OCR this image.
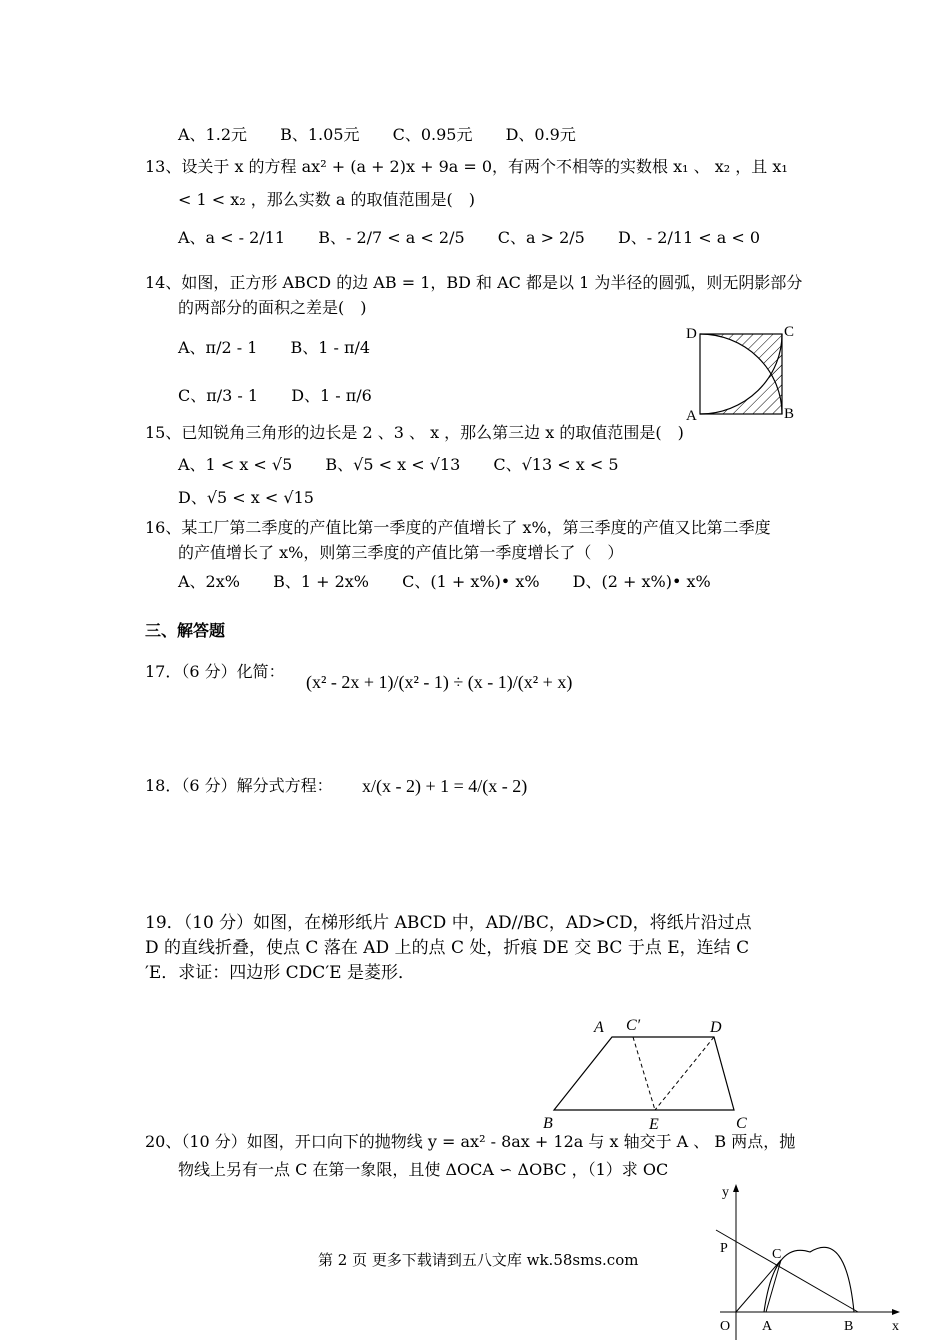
A、1.2元 B、1.05元 C、0.95元 D、0.9元
13、设关于 x 的方程 ax² + (a + 2)x + 9a = 0，有两个不相等的实数根 x₁ 、 x₂ ，且 x₁
< 1 < x₂ ，那么实数 a 的取值范围是(　)
A、a < - 2/11 B、- 2/7 < a < 2/5 C、a > 2/5 D、- 2/11 < a < 0
14、如图，正方形 ABCD 的边 AB = 1，BD 和 AC 都是以 1 为半径的圆弧，则无阴影部分
的两部分的面积之差是(　)
A、π/2 - 1 B、1 - π/4
C、π/3 - 1 D、1 - π/6
D	C
A	B
15、已知锐角三角形的边长是 2 、3 、 x ，那么第三边 x 的取值范围是(　)
A、1 < x < √5 B、√5 < x < √13 C、√13 < x < 5
D、√5 < x < √15
16、某工厂第二季度的产值比第一季度的产值增长了 x%，第三季度的产值又比第二季度
的产值增长了 x%，则第三季度的产值比第一季度增长了（　）
A、2x% B、1 + 2x% C、(1 + x%)• x% D、(2 + x%)• x%
三、解答题
17．（6 分）化简：
(x² - 2x + 1)/(x² - 1) ÷ (x - 1)/(x² + x)
18．（6 分）解分式方程： x/(x - 2) + 1 = 4/(x - 2)
19．（10 分）如图，在梯形纸片 ABCD 中，AD//BC，AD>CD，将纸片沿过点
D 的直线折叠，使点 C 落在 AD 上的点 C 处，折痕 DE 交 BC 于点 E，连结 C
′E．求证：四边形 CDC′E 是菱形．
A C′	D
B	E	C
20、（10 分）如图，开口向下的抛物线 y = ax² - 8ax + 12a 与 x 轴交于 A 、 B 两点，抛
物线上另有一点 C 在第一象限，且使 ΔOCA ∽ ΔOBC ，（1）求 OC
第 2 页 更多下载请到五八文库 wk.58sms.com
y
P	C
O A	B	x
